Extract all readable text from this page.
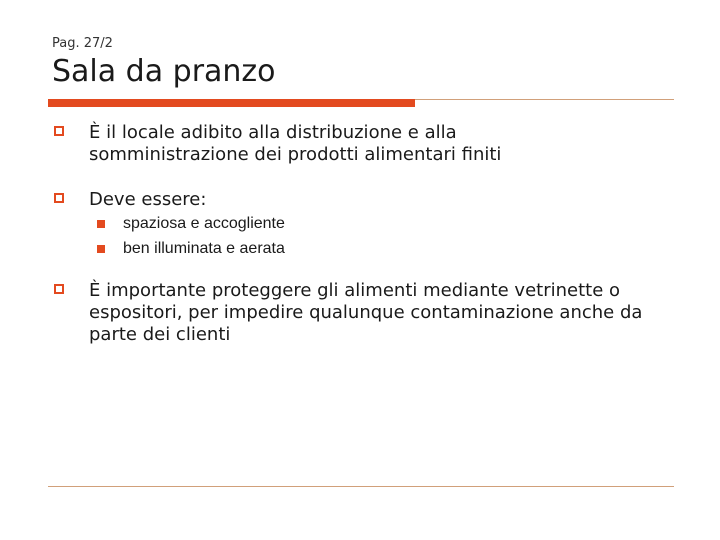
Pag. 27/2
Sala da pranzo
È il locale adibito alla distribuzione e alla somministrazione dei prodotti alimentari finiti
Deve essere:
spaziosa e accogliente
ben illuminata e aerata
È importante proteggere gli alimenti mediante vetrinette o espositori, per impedire qualunque contaminazione anche da parte dei clienti
